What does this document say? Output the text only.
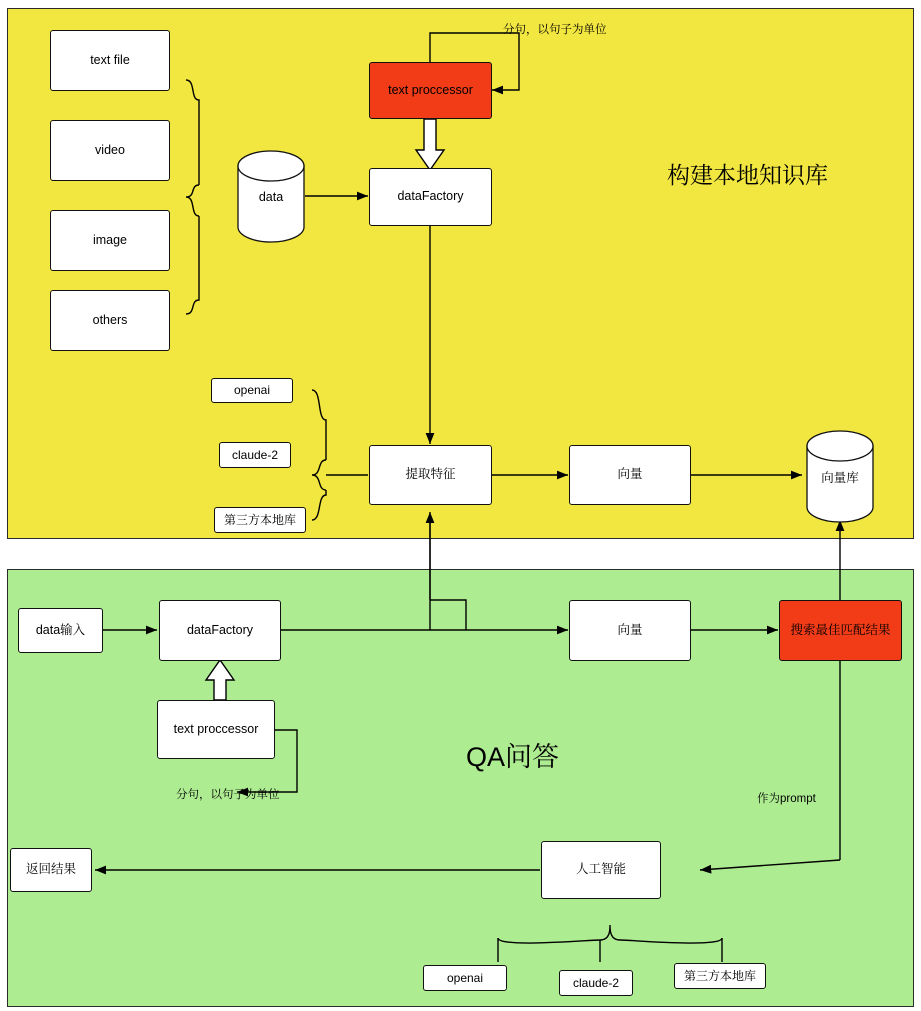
构建本地知识库
QA问答
text file
video
image
others
data
text proccessor
分句，以句子为单位
dataFactory
openai
claude-2
第三方本地库
提取特征	向量	向量库
data输入	dataFactory
text proccessor
分句，以句子为单位
向量	搜索最佳匹配结果
作为prompt
人工智能
返回结果
openai	claude-2	第三方本地库
